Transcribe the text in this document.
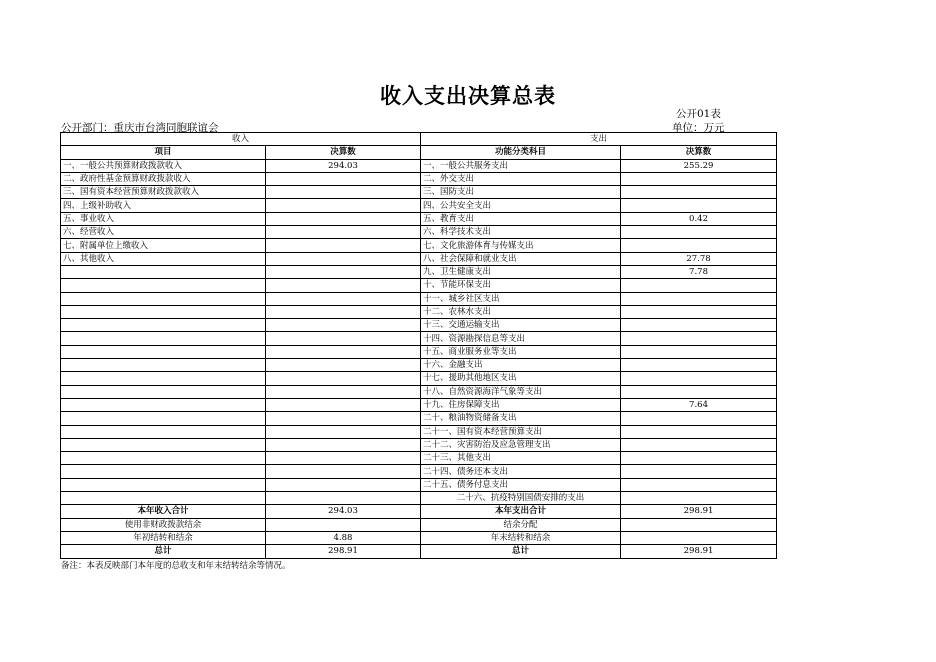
收入支出决算总表
公开01表
公开部门：重庆市台湾同胞联谊会	单位：万元
收入		支出	
项目	决算数	功能分类科目	决算数
一、一般公共预算财政拨款收入	294.03	一、一般公共服务支出	255.29
二、政府性基金预算财政拨款收入		二、外交支出	
三、国有资本经营预算财政拨款收入		三、国防支出	
四、上级补助收入		四、公共安全支出	
五、事业收入		五、教育支出	0.42
六、经营收入		六、科学技术支出	
七、附属单位上缴收入		七、文化旅游体育与传媒支出	
八、其他收入		八、社会保障和就业支出	27.78
		九、卫生健康支出	7.78
		十、节能环保支出	
		十一、城乡社区支出	
		十二、农林水支出	
		十三、交通运输支出	
		十四、资源勘探信息等支出	
		十五、商业服务业等支出	
		十六、金融支出	
		十七、援助其他地区支出	
		十八、自然资源海洋气象等支出	
		十九、住房保障支出	7.64
		二十、粮油物资储备支出	
		二十一、国有资本经营预算支出	
		二十二、灾害防治及应急管理支出	
		二十三、其他支出	
		二十四、债务还本支出	
		二十五、债务付息支出	
		二十六、抗疫特别国债安排的支出	
本年收入合计	294.03	本年支出合计	298.91
使用非财政拨款结余		结余分配	
年初结转和结余	4.88	年末结转和结余	
总计	298.91	总计	298.91
备注：本表反映部门本年度的总收支和年末结转结余等情况。
